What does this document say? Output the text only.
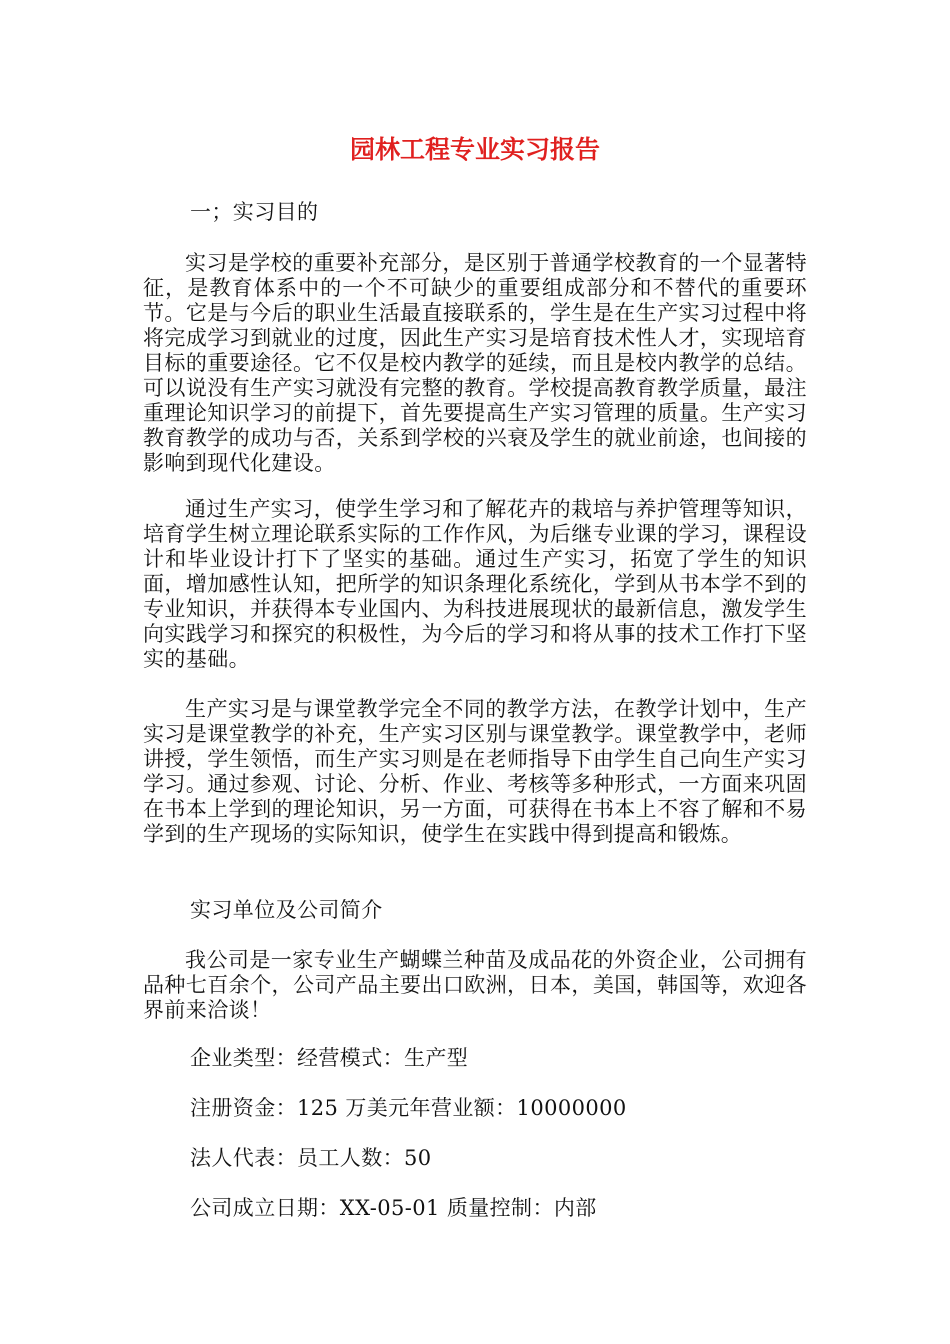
园林工程专业实习报告

一；实习目的

实习是学校的重要补充部分，是区别于普通学校教育的一个显著特征，是教育体系中的一个不可缺少的重要组成部分和不替代的重要环节。它是与今后的职业生活最直接联系的，学生是在生产实习过程中将将完成学习到就业的过度，因此生产实习是培育技术性人才，实现培育目标的重要途径。它不仅是校内教学的延续，而且是校内教学的总结。可以说没有生产实习就没有完整的教育。学校提高教育教学质量，最注重理论知识学习的前提下，首先要提高生产实习管理的质量。生产实习教育教学的成功与否，关系到学校的兴衰及学生的就业前途，也间接的影响到现代化建设。

通过生产实习，使学生学习和了解花卉的栽培与养护管理等知识，培育学生树立理论联系实际的工作作风，为后继专业课的学习，课程设计和毕业设计打下了坚实的基础。通过生产实习，拓宽了学生的知识面，增加感性认知，把所学的知识条理化系统化，学到从书本学不到的专业知识，并获得本专业国内、为科技进展现状的最新信息，激发学生向实践学习和探究的积极性，为今后的学习和将从事的技术工作打下坚实的基础。

生产实习是与课堂教学完全不同的教学方法，在教学计划中，生产实习是课堂教学的补充，生产实习区别与课堂教学。课堂教学中，老师讲授，学生领悟，而生产实习则是在老师指导下由学生自己向生产实习学习。通过参观、讨论、分析、作业、考核等多种形式，一方面来巩固在书本上学到的理论知识，另一方面，可获得在书本上不容了解和不易学到的生产现场的实际知识，使学生在实践中得到提高和锻炼。

实习单位及公司简介

我公司是一家专业生产蝴蝶兰种苗及成品花的外资企业，公司拥有品种七百余个，公司产品主要出口欧洲，日本，美国，韩国等，欢迎各界前来洽谈！

企业类型：经营模式：生产型

注册资金：125 万美元年营业额：10000000

法人代表：员工人数：50

公司成立日期：XX-05-01 质量控制：内部
